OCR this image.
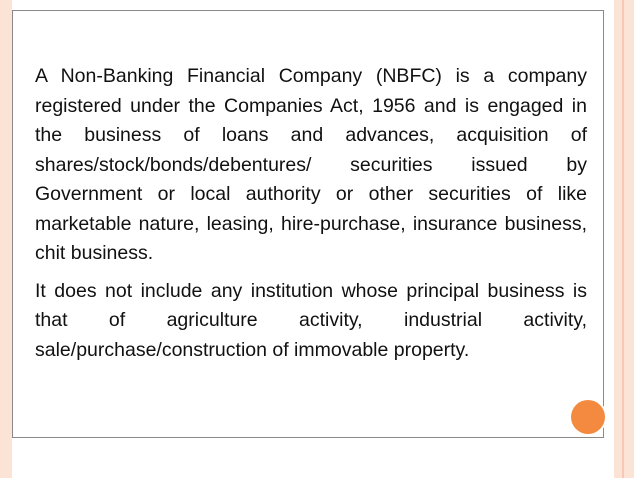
A Non-Banking Financial Company (NBFC) is a company registered under the Companies Act, 1956 and is engaged in the business of loans and advances, acquisition of shares/stock/bonds/debentures/ securities issued by Government or local authority or other securities of like marketable nature, leasing, hire-purchase, insurance business, chit business.

It does not include any institution whose principal business is that of agriculture activity, industrial activity, sale/purchase/construction of immovable property.
